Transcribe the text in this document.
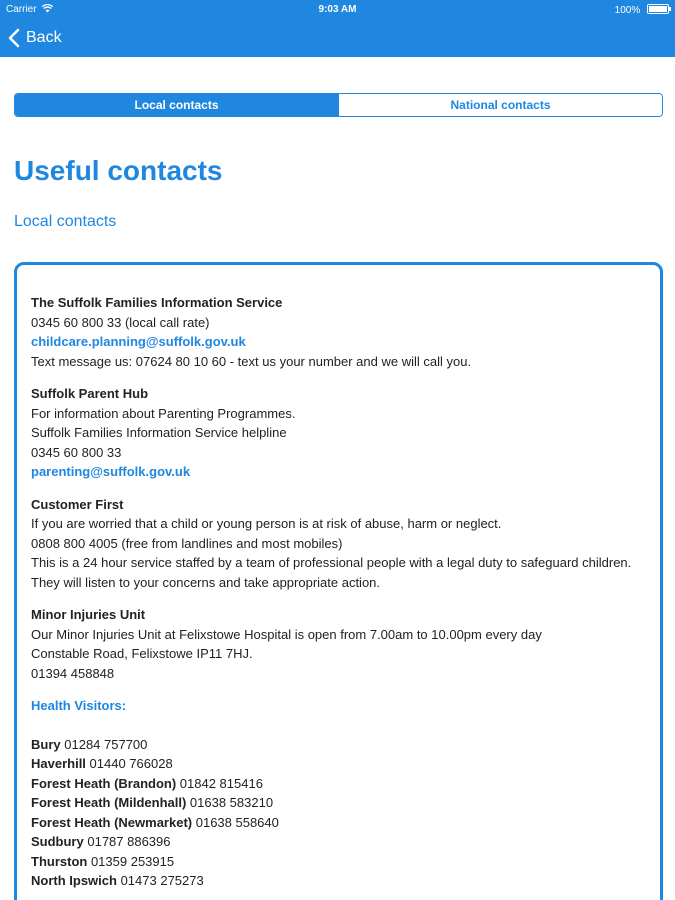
Carrier	9:03 AM	100%
Back
Local contacts	National contacts
Useful contacts
Local contacts
The Suffolk Families Information Service
0345 60 800 33 (local call rate)
childcare.planning@suffolk.gov.uk
Text message us: 07624 80 10 60 - text us your number and we will call you.
Suffolk Parent Hub
For information about Parenting Programmes.
Suffolk Families Information Service helpline
0345 60 800 33
parenting@suffolk.gov.uk
Customer First
If you are worried that a child or young person is at risk of abuse, harm or neglect.
0808 800 4005 (free from landlines and most mobiles)
This is a 24 hour service staffed by a team of professional people with a legal duty to safeguard children. They will listen to your concerns and take appropriate action.
Minor Injuries Unit
Our Minor Injuries Unit at Felixstowe Hospital is open from 7.00am to 10.00pm every day
Constable Road, Felixstowe IP11 7HJ.
01394 458848
Health Visitors:
Bury 01284 757700
Haverhill 01440 766028
Forest Heath (Brandon) 01842 815416
Forest Heath (Mildenhall) 01638 583210
Forest Heath (Newmarket) 01638 558640
Sudbury 01787 886396
Thurston 01359 253915
North Ipswich 01473 275273
